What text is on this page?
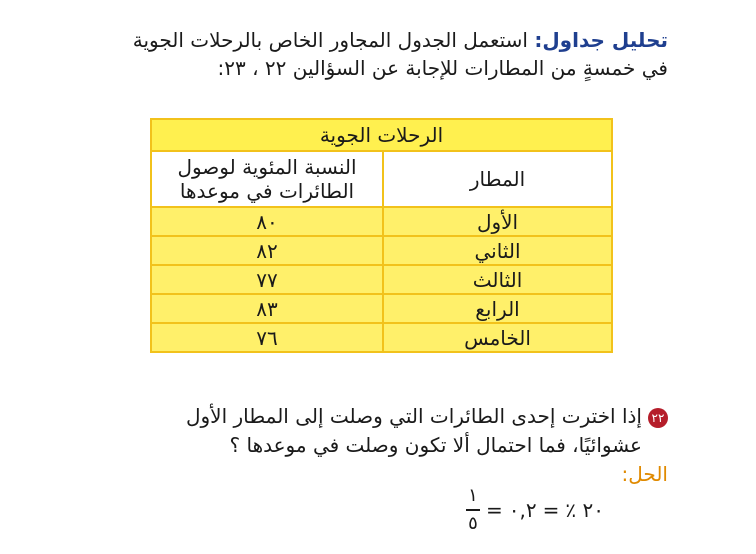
تحليل جداول: استعمل الجدول المجاور الخاص بالرحلات الجوية
في خمسةٍ من المطارات للإجابة عن السؤالين ٢٢ ، ٢٣:
الرحلات الجوية	
المطار	النسبة المئوية لوصول الطائرات في موعدها
الأول	٨٠
الثاني	٨٢
الثالث	٧٧
الرابع	٨٣
الخامس	٧٦
٢٢إذا اخترت إحدى الطائرات التي وصلت إلى المطار الأول
عشوائيًا، فما احتمال ألا تكون وصلت في موعدها ؟
الحل:
٢٠ ٪
=
٠,٢
=
$\frac{١}{٥}$
